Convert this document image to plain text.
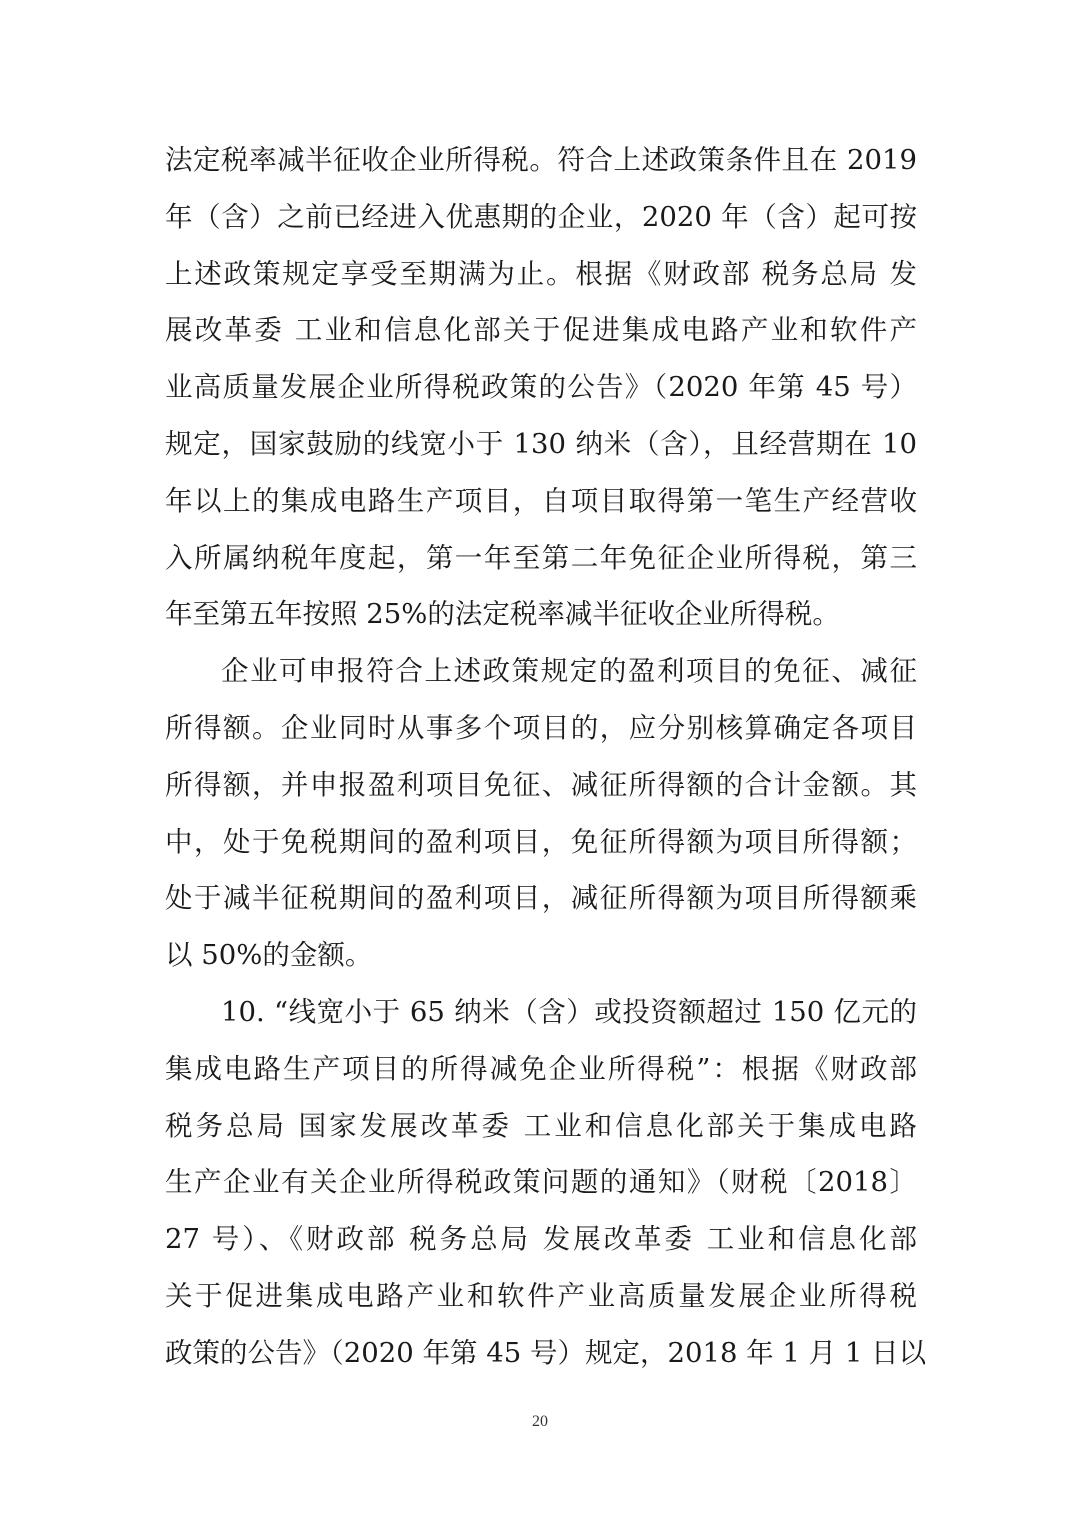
法定税率减半征收企业所得税。符合上述政策条件且在 2019
年（含）之前已经进入优惠期的企业，2020 年（含）起可按
上述政策规定享受至期满为止。根据《财政部 税务总局 发
展改革委 工业和信息化部关于促进集成电路产业和软件产
业高质量发展企业所得税政策的公告》（2020 年第 45 号）
规定，国家鼓励的线宽小于 130 纳米（含），且经营期在 10
年以上的集成电路生产项目，自项目取得第一笔生产经营收
入所属纳税年度起，第一年至第二年免征企业所得税，第三
年至第五年按照 25%的法定税率减半征收企业所得税。
企业可申报符合上述政策规定的盈利项目的免征、减征
所得额。企业同时从事多个项目的，应分别核算确定各项目
所得额，并申报盈利项目免征、减征所得额的合计金额。其
中，处于免税期间的盈利项目，免征所得额为项目所得额；
处于减半征税期间的盈利项目，减征所得额为项目所得额乘
以 50%的金额。
10. “线宽小于 65 纳米（含）或投资额超过 150 亿元的
集成电路生产项目的所得减免企业所得税”：根据《财政部
税务总局 国家发展改革委 工业和信息化部关于集成电路
生产企业有关企业所得税政策问题的通知》（财税〔2018〕
27 号）、《财政部 税务总局 发展改革委 工业和信息化部
关于促进集成电路产业和软件产业高质量发展企业所得税
政策的公告》（2020 年第 45 号）规定，2018 年 1 月 1 日以
20
